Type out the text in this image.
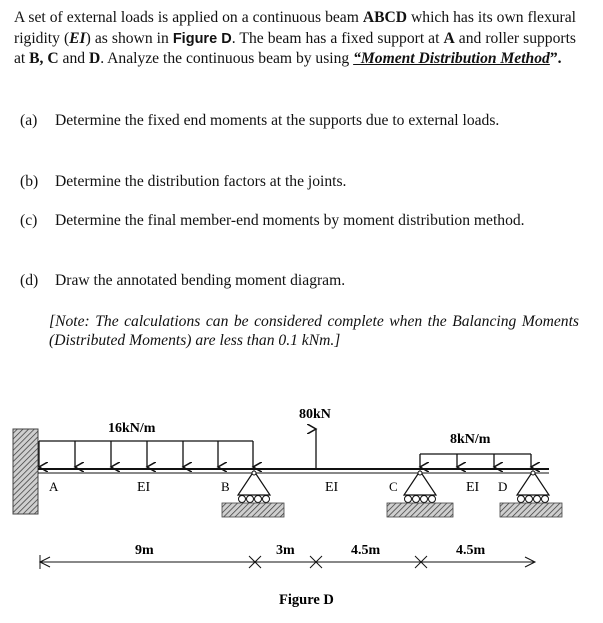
A set of external loads is applied on a continuous beam ABCD which has its own flexural rigidity (EI) as shown in Figure D. The beam has a fixed support at A and roller supports at B, C and D. Analyze the continuous beam by using “Moment Distribution Method”.

(a) Determine the fixed end moments at the supports due to external loads.
(b) Determine the distribution factors at the joints.
(c) Determine the final member-end moments by moment distribution method.
(d) Draw the annotated bending moment diagram.

[Note: The calculations can be considered complete when the Balancing Moments (Distributed Moments) are less than 0.1 kNm.]

16kN/m
80kN
8kN/m
A	B	C	D
EI	EI	EI
9m	3m	4.5m	4.5m
Figure D
